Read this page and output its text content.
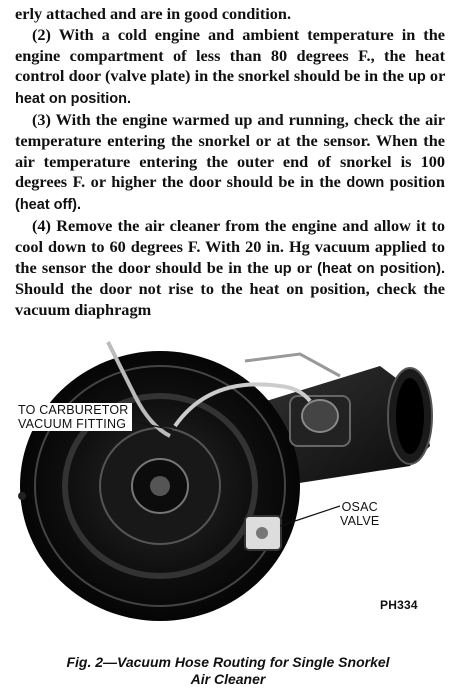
erly attached and are in good condition.

(2) With a cold engine and ambient temperature in the engine compartment of less than 80 degrees F., the heat control door (valve plate) in the snorkel should be in the up or heat on position.

(3) With the engine warmed up and running, check the air temperature entering the snorkel or at the sensor. When the air temperature entering the outer end of snorkel is 100 degrees F. or higher the door should be in the down position (heat off).

(4) Remove the air cleaner from the engine and allow it to cool down to 60 degrees F. With 20 in. Hg vacuum applied to the sensor the door should be in the up or (heat on position). Should the door not rise to the heat on position, check the vacuum diaphragm

TO CARBURETOR
VACUUM FITTING
OSAC
VALVE
PH334
Fig. 2—Vacuum Hose Routing for Single Snorkel
Air Cleaner
